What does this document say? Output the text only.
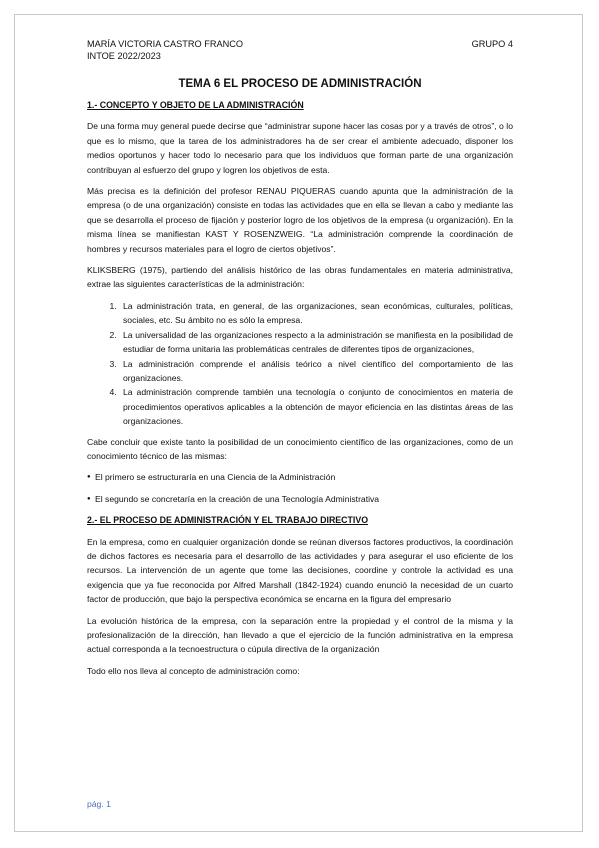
MARÍA VICTORIA CASTRO FRANCO
INTOE 2022/2023
GRUPO 4
TEMA 6 EL PROCESO DE ADMINISTRACIÓN
1.- CONCEPTO Y OBJETO DE LA ADMINISTRACIÓN

De una forma muy general puede decirse que “administrar supone hacer las cosas por y a través de otros”, o lo que es lo mismo, que la tarea de los administradores ha de ser crear el ambiente adecuado, disponer los medios oportunos y hacer todo lo necesario para que los individuos que forman parte de una organización contribuyan al esfuerzo del grupo y logren los objetivos de esta.

Más precisa es la definición del profesor RENAU PIQUERAS cuando apunta que la administración de la empresa (o de una organización) consiste en todas las actividades que en ella se llevan a cabo y mediante las que se desarrolla el proceso de fijación y posterior logro de los objetivos de la empresa (u organización). En la misma línea se manifiestan KAST Y ROSENZWEIG. “La administración comprende la coordinación de hombres y recursos materiales para el logro de ciertos objetivos”.

KLIKSBERG (1975), partiendo del análisis histórico de las obras fundamentales en materia administrativa, extrae las siguientes características de la administración:

1. La administración trata, en general, de las organizaciones, sean económicas, culturales, políticas, sociales, etc. Su ámbito no es sólo la empresa.
2. La universalidad de las organizaciones respecto a la administración se manifiesta en la posibilidad de estudiar de forma unitaria las problemáticas centrales de diferentes tipos de organizaciones,
3. La administración comprende el análisis teórico a nivel científico del comportamiento de las organizaciones.
4. La administración comprende también una tecnología o conjunto de conocimientos en materia de procedimientos operativos aplicables a la obtención de mayor eficiencia en las distintas áreas de las organizaciones.

Cabe concluir que existe tanto la posibilidad de un conocimiento científico de las organizaciones, como de un conocimiento técnico de las mismas:

● El primero se estructuraría en una Ciencia de la Administración
● El segundo se concretaría en la creación de una Tecnología Administrativa
2.- EL PROCESO DE ADMINISTRACIÓN Y EL TRABAJO DIRECTIVO

En la empresa, como en cualquier organización donde se reúnan diversos factores productivos, la coordinación de dichos factores es necesaria para el desarrollo de las actividades y para asegurar el uso eficiente de los recursos. La intervención de un agente que tome las decisiones, coordine y controle la actividad es una exigencia que ya fue reconocida por Alfred Marshall (1842-1924) cuando enunció la necesidad de un cuarto factor de producción, que bajo la perspectiva económica se encarna en la figura del empresario

La evolución histórica de la empresa, con la separación entre la propiedad y el control de la misma y la profesionalización de la dirección, han llevado a que el ejercicio de la función administrativa en la empresa actual corresponda a la tecnoestructura o cúpula directiva de la organización

Todo ello nos lleva al concepto de administración como:

pág. 1
